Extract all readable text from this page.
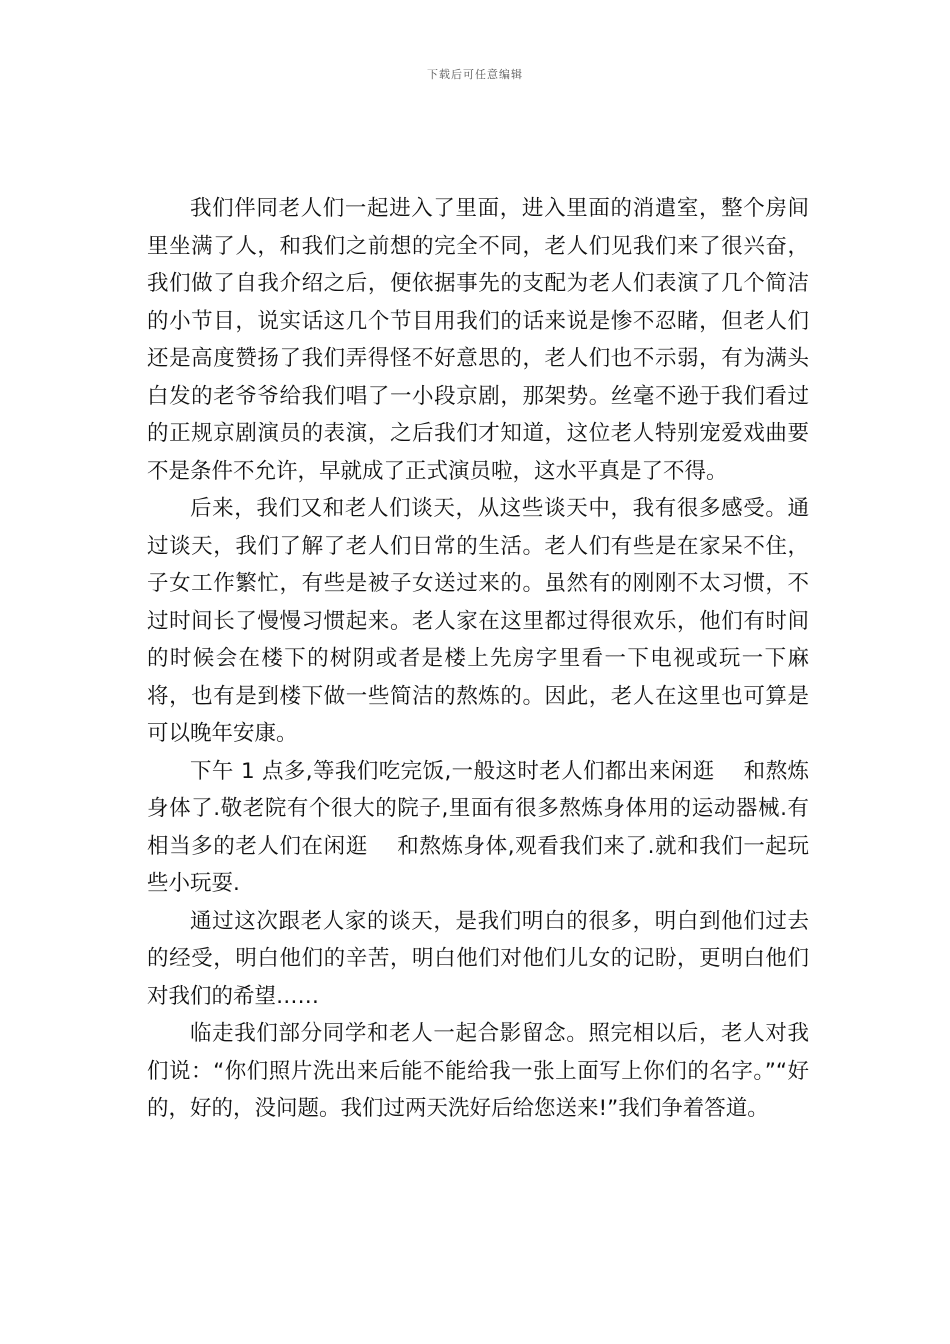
下载后可任意编辑

我们伴同老人们一起进入了里面，进入里面的消遣室，整个房间里坐满了人，和我们之前想的完全不同，老人们见我们来了很兴奋，我们做了自我介绍之后，便依据事先的支配为老人们表演了几个简洁的小节目，说实话这几个节目用我们的话来说是惨不忍睹，但老人们还是高度赞扬了我们弄得怪不好意思的，老人们也不示弱，有为满头白发的老爷爷给我们唱了一小段京剧，那架势。丝毫不逊于我们看过的正规京剧演员的表演，之后我们才知道，这位老人特别宠爱戏曲要不是条件不允许，早就成了正式演员啦，这水平真是了不得。

后来，我们又和老人们谈天，从这些谈天中，我有很多感受。通过谈天，我们了解了老人们日常的生活。老人们有些是在家呆不住，子女工作繁忙，有些是被子女送过来的。虽然有的刚刚不太习惯，不过时间长了慢慢习惯起来。老人家在这里都过得很欢乐，他们有时间的时候会在楼下的树阴或者是楼上先房字里看一下电视或玩一下麻将，也有是到楼下做一些简洁的熬炼的。因此，老人在这里也可算是可以晚年安康。

下午 1 点多,等我们吃完饭,一般这时老人们都出来闲逛　 和熬炼身体了.敬老院有个很大的院子,里面有很多熬炼身体用的运动器械.有相当多的老人们在闲逛　 和熬炼身体,观看我们来了.就和我们一起玩些小玩耍.

通过这次跟老人家的谈天，是我们明白的很多，明白到他们过去的经受，明白他们的辛苦，明白他们对他们儿女的记盼，更明白他们对我们的希望……

临走我们部分同学和老人一起合影留念。照完相以后，老人对我们说：“你们照片洗出来后能不能给我一张上面写上你们的名字。”“好的，好的，没问题。我们过两天洗好后给您送来!”我们争着答道。
